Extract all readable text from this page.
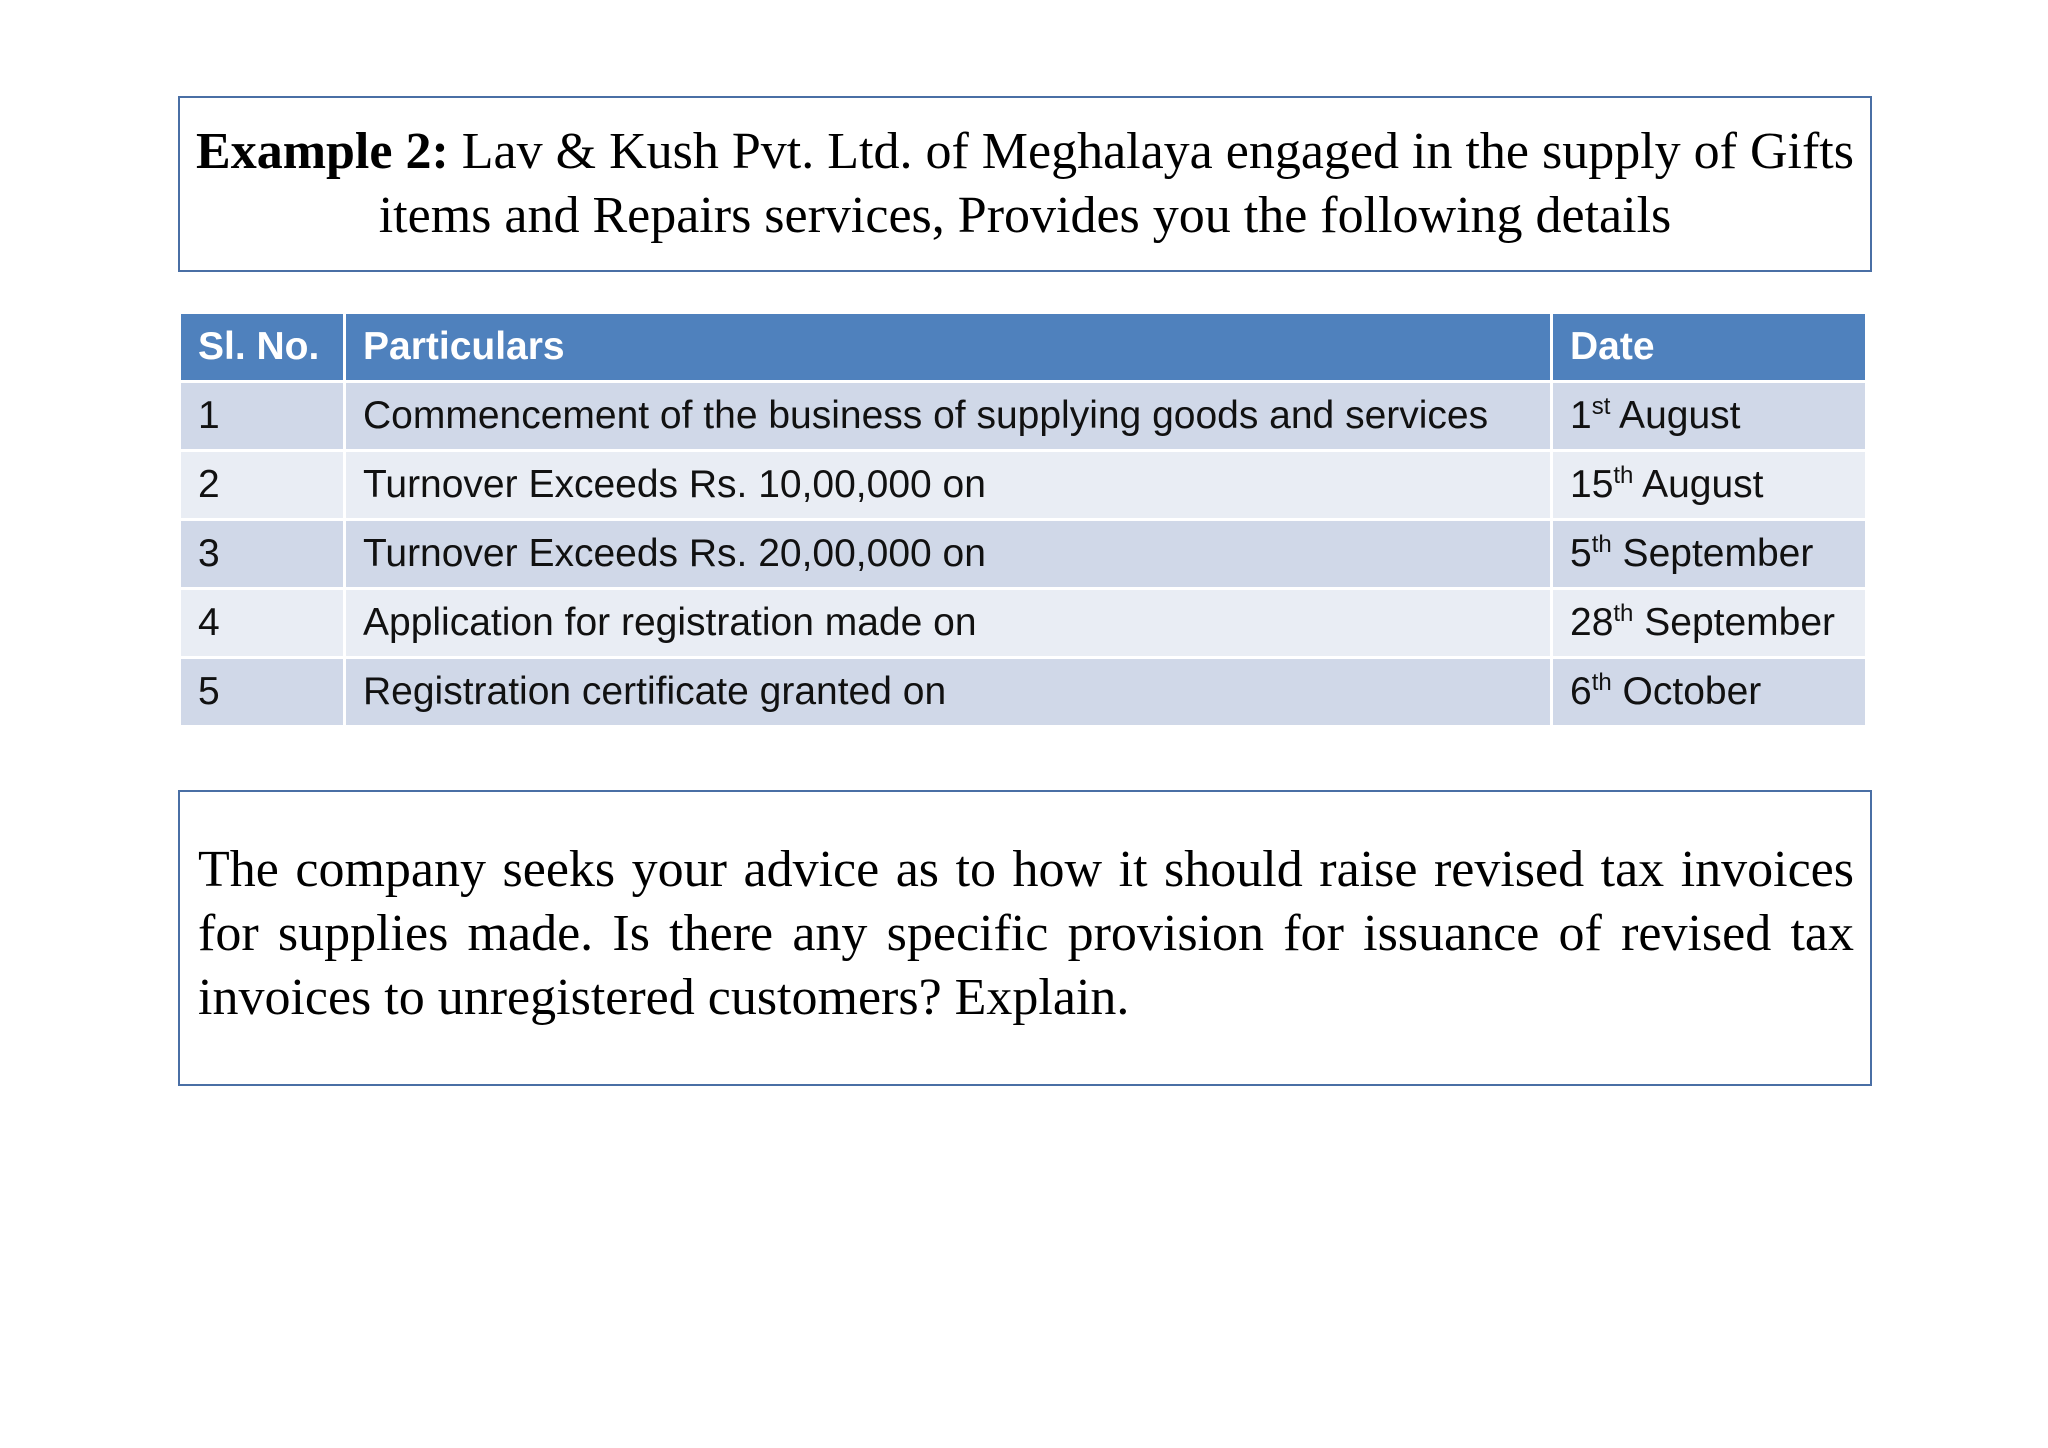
Example 2: Lav & Kush Pvt. Ltd. of Meghalaya engaged in the supply of Gifts items and Repairs services, Provides you the following details
Sl. No.	Particulars	Date
1	Commencement of the business of supplying goods and services	1st August
2	Turnover Exceeds Rs. 10,00,000 on	15th August
3	Turnover Exceeds Rs. 20,00,000 on	5th September
4	Application for registration made on	28th September
5	Registration certificate granted on	6th October
The company seeks your advice as to how it should raise revised tax invoices for supplies made. Is there any specific provision for issuance of revised tax invoices to unregistered customers? Explain.
